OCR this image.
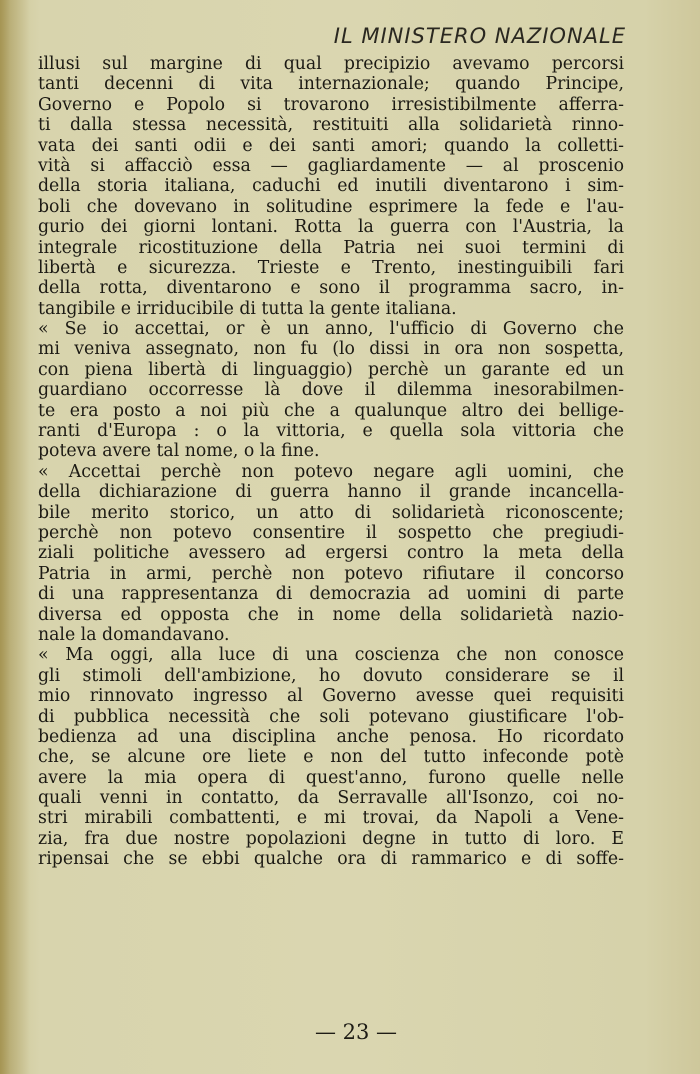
IL MINISTERO NAZIONALE
illusi sul margine di qual precipizio avevamo percorsi
tanti decenni di vita internazionale; quando Principe,
Governo e Popolo si trovarono irresistibilmente afferra-
ti dalla stessa necessità, restituiti alla solidarietà rinno-
vata dei santi odii e dei santi amori; quando la colletti-
vità si affacciò essa — gagliardamente — al proscenio
della storia italiana, caduchi ed inutili diventarono i sim-
boli che dovevano in solitudine esprimere la fede e l'au-
gurio dei giorni lontani. Rotta la guerra con l'Austria, la
integrale ricostituzione della Patria nei suoi termini di
libertà e sicurezza. Trieste e Trento, inestinguibili fari
della rotta, diventarono e sono il programma sacro, in-
tangibile e irriducibile di tutta la gente italiana.
« Se io accettai, or è un anno, l'ufficio di Governo che
mi veniva assegnato, non fu (lo dissi in ora non sospetta,
con piena libertà di linguaggio) perchè un garante ed un
guardiano occorresse là dove il dilemma inesorabilmen-
te era posto a noi più che a qualunque altro dei bellige-
ranti d'Europa : o la vittoria, e quella sola vittoria che
poteva avere tal nome, o la fine.
« Accettai perchè non potevo negare agli uomini, che
della dichiarazione di guerra hanno il grande incancella-
bile merito storico, un atto di solidarietà riconoscente;
perchè non potevo consentire il sospetto che pregiudi-
ziali politiche avessero ad ergersi contro la meta della
Patria in armi, perchè non potevo rifiutare il concorso
di una rappresentanza di democrazia ad uomini di parte
diversa ed opposta che in nome della solidarietà nazio-
nale la domandavano.
« Ma oggi, alla luce di una coscienza che non conosce
gli stimoli dell'ambizione, ho dovuto considerare se il
mio rinnovato ingresso al Governo avesse quei requisiti
di pubblica necessità che soli potevano giustificare l'ob-
bedienza ad una disciplina anche penosa. Ho ricordato
che, se alcune ore liete e non del tutto infeconde potè
avere la mia opera di quest'anno, furono quelle nelle
quali venni in contatto, da Serravalle all'Isonzo, coi no-
stri mirabili combattenti, e mi trovai, da Napoli a Vene-
zia, fra due nostre popolazioni degne in tutto di loro. E
ripensai che se ebbi qualche ora di rammarico e di soffe-

— 23 —
